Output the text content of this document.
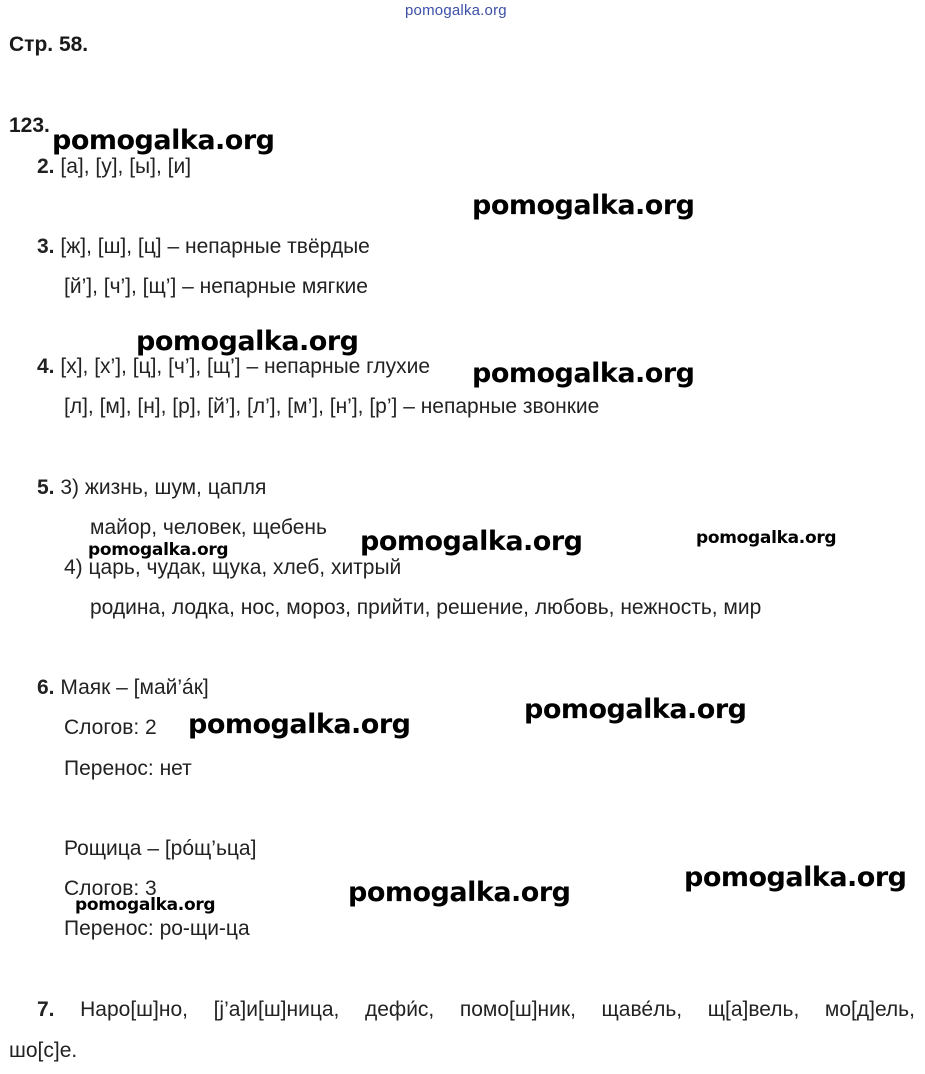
pomogalka.org
Стр. 58.
123.
2. [а], [у], [ы], [и]
3. [ж], [ш], [ц] – непарные твёрдые
[й’], [ч’], [щ’] – непарные мягкие
4. [х], [х’], [ц], [ч’], [щ’] – непарные глухие
[л], [м], [н], [р], [й’], [л’], [м’], [н’], [р’] – непарные звонкие
5. 3) жизнь, шум, цапля
майор, человек, щебень
4) царь, чудак, щука, хлеб, хитрый
родина, лодка, нос, мороз, прийти, решение, любовь, нежность, мир
6. Маяк – [май’áк]
Слогов: 2
Перенос: нет
Рощица – [рóщ’ьца]
Слогов: 3
Перенос: ро-щи-ца
7. Наро[ш]но, [j’а]и[ш]ница, дефи́с, помо[ш]ник, щаве́ль, щ[а]вель, мо[д]ель,
шо[с]е.
pomogalka.org
pomogalka.org
pomogalka.org
pomogalka.org
pomogalka.org
pomogalka.org
pomogalka.org
pomogalka.org
pomogalka.org
pomogalka.org
pomogalka.org
pomogalka.org
